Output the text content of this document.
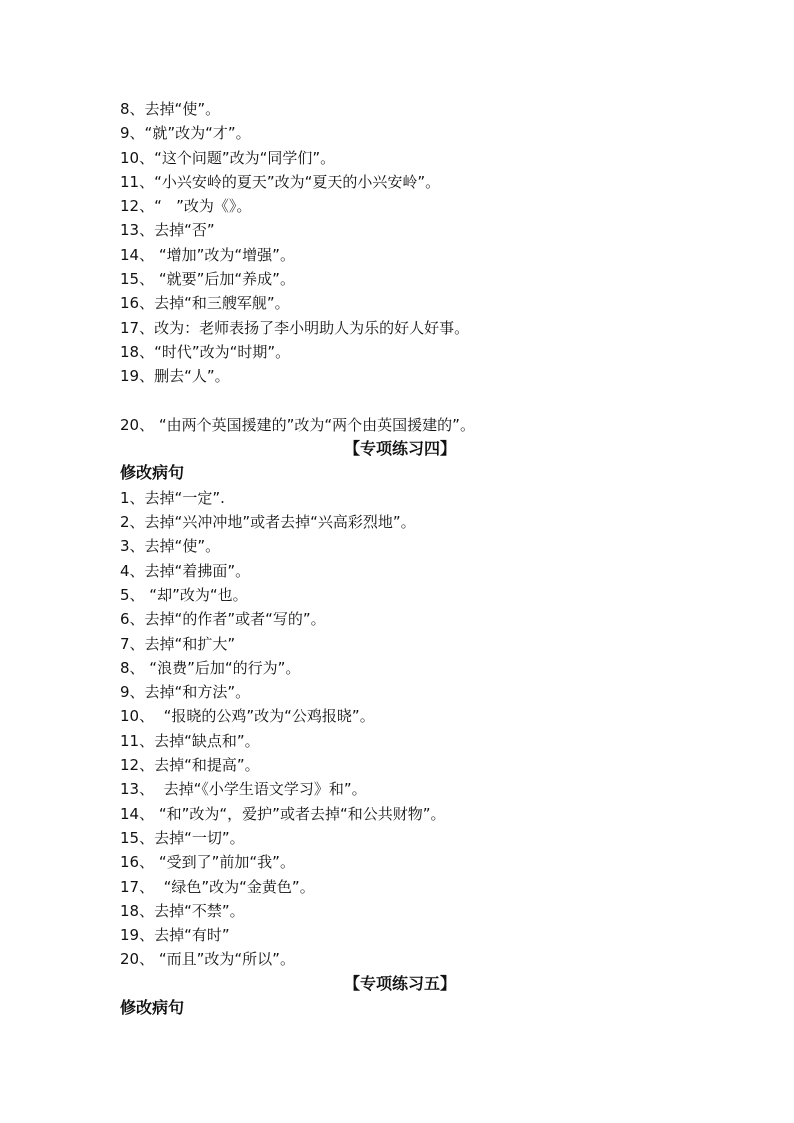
8、去掉“使”。
9、“就”改为“才”。
10、“这个问题”改为“同学们”。
11、“小兴安岭的夏天”改为“夏天的小兴安岭”。
12、“   ”改为《》。
13、去掉“否”
14、 “增加”改为“增强”。
15、 “就要”后加“养成”。
16、去掉“和三艘军舰”。
17、改为：老师表扬了李小明助人为乐的好人好事。
18、“时代”改为“时期”。
19、删去“人”。
20、 “由两个英国援建的”改为“两个由英国援建的”。
【专项练习四】
修改病句
1、去掉“一定”.
2、去掉“兴冲冲地”或者去掉“兴高彩烈地”。
3、去掉“使”。
4、去掉“着拂面”。
5、 “却”改为“也。
6、去掉“的作者”或者“写的”。
7、去掉“和扩大”
8、 “浪费”后加“的行为”。
9、去掉“和方法”。
10、  “报晓的公鸡”改为“公鸡报晓”。
11、去掉“缺点和”。
12、去掉“和提高”。
13、  去掉“《小学生语文学习》和”。
14、 “和”改为“，爱护”或者去掉“和公共财物”。
15、去掉“一切”。
16、 “受到了”前加“我”。
17、  “绿色”改为“金黄色”。
18、去掉“不禁”。
19、去掉“有时”
20、 “而且”改为“所以”。
【专项练习五】
修改病句
